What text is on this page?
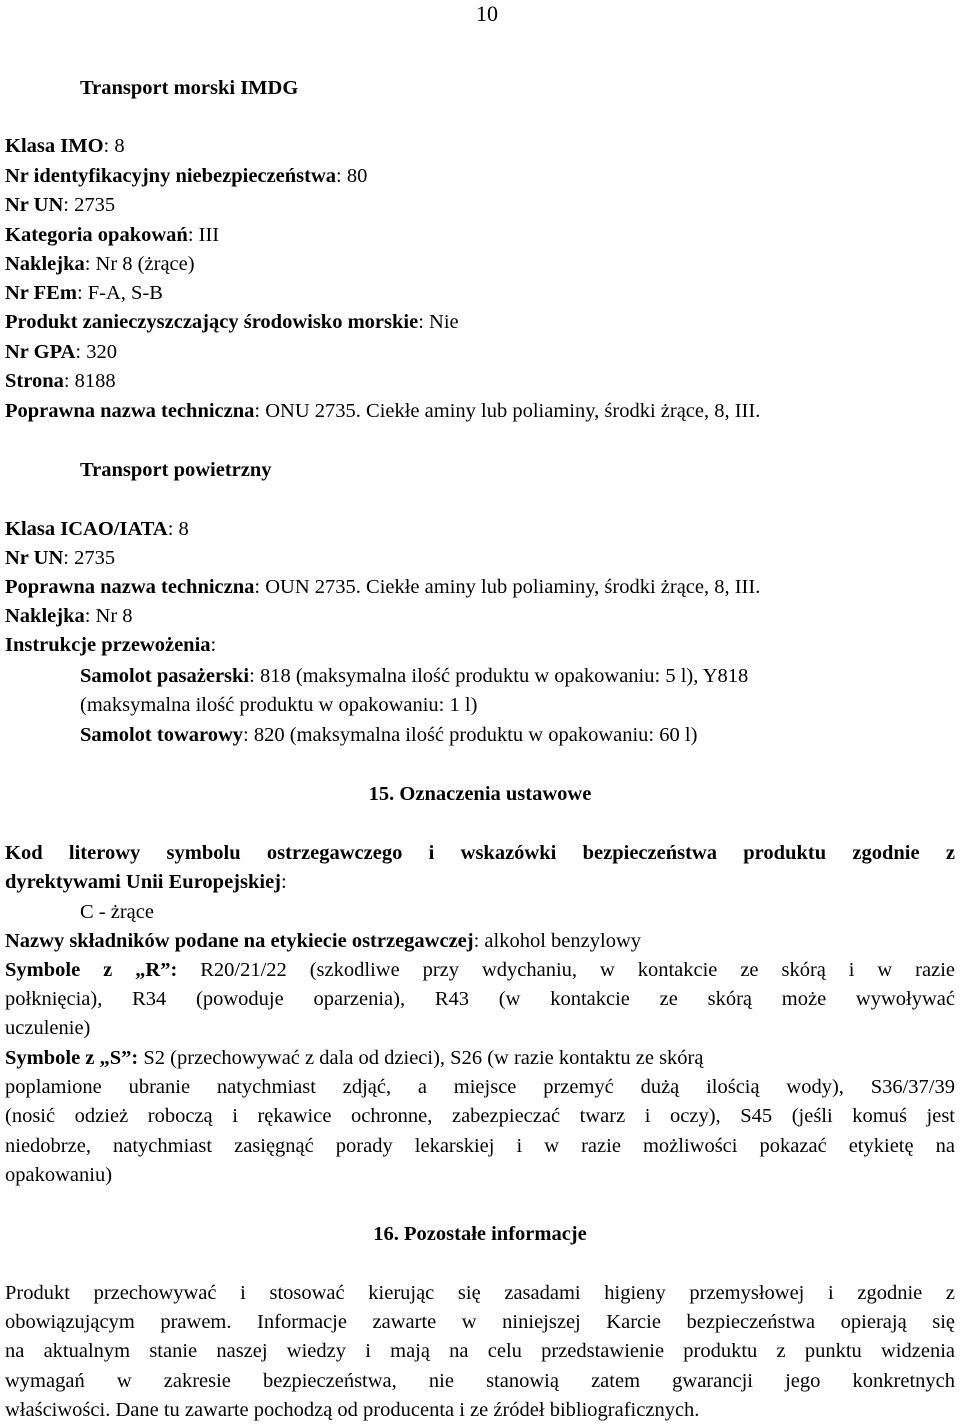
10
Transport morski IMDG
Klasa IMO: 8
Nr identyfikacyjny niebezpieczeństwa: 80
Nr UN: 2735
Kategoria opakowań: III
Naklejka: Nr 8 (żrące)
Nr FEm: F-A, S-B
Produkt zanieczyszczający środowisko morskie: Nie
Nr GPA: 320
Strona: 8188
Poprawna nazwa techniczna: ONU 2735. Ciekłe aminy lub poliaminy, środki żrące, 8, III.
Transport powietrzny
Klasa ICAO/IATA: 8
Nr UN: 2735
Poprawna nazwa techniczna: OUN 2735. Ciekłe aminy lub poliaminy, środki żrące, 8, III.
Naklejka: Nr 8
Instrukcje przewożenia:
Samolot pasażerski: 818 (maksymalna ilość produktu w opakowaniu: 5 l), Y818
(maksymalna ilość produktu w opakowaniu: 1 l)
Samolot towarowy: 820 (maksymalna ilość produktu w opakowaniu: 60 l)
15. Oznaczenia ustawowe
Kod literowy symbolu ostrzegawczego i wskazówki bezpieczeństwa produktu zgodnie z
dyrektywami Unii Europejskiej:
C - żrące
Nazwy składników podane na etykiecie ostrzegawczej: alkohol benzylowy
Symbole z „R”: R20/21/22 (szkodliwe przy wdychaniu, w kontakcie ze skórą i w razie
połknięcia), R34 (powoduje oparzenia), R43 (w kontakcie ze skórą może wywoływać
uczulenie)
Symbole z „S”: S2 (przechowywać z dala od dzieci), S26 (w razie kontaktu ze skórą
poplamione ubranie natychmiast zdjąć, a miejsce przemyć dużą ilością wody), S36/37/39
(nosić odzież roboczą i rękawice ochronne, zabezpieczać twarz i oczy), S45 (jeśli komuś jest
niedobrze, natychmiast zasięgnąć porady lekarskiej i w razie możliwości pokazać etykietę na
opakowaniu)
16. Pozostałe informacje
Produkt przechowywać i stosować kierując się zasadami higieny przemysłowej i zgodnie z
obowiązującym prawem. Informacje zawarte w niniejszej Karcie bezpieczeństwa opierają się
na aktualnym stanie naszej wiedzy i mają na celu przedstawienie produktu z punktu widzenia
wymagań w zakresie bezpieczeństwa, nie stanowią zatem gwarancji jego konkretnych
właściwości. Dane tu zawarte pochodzą od producenta i ze źródeł bibliograficznych.
